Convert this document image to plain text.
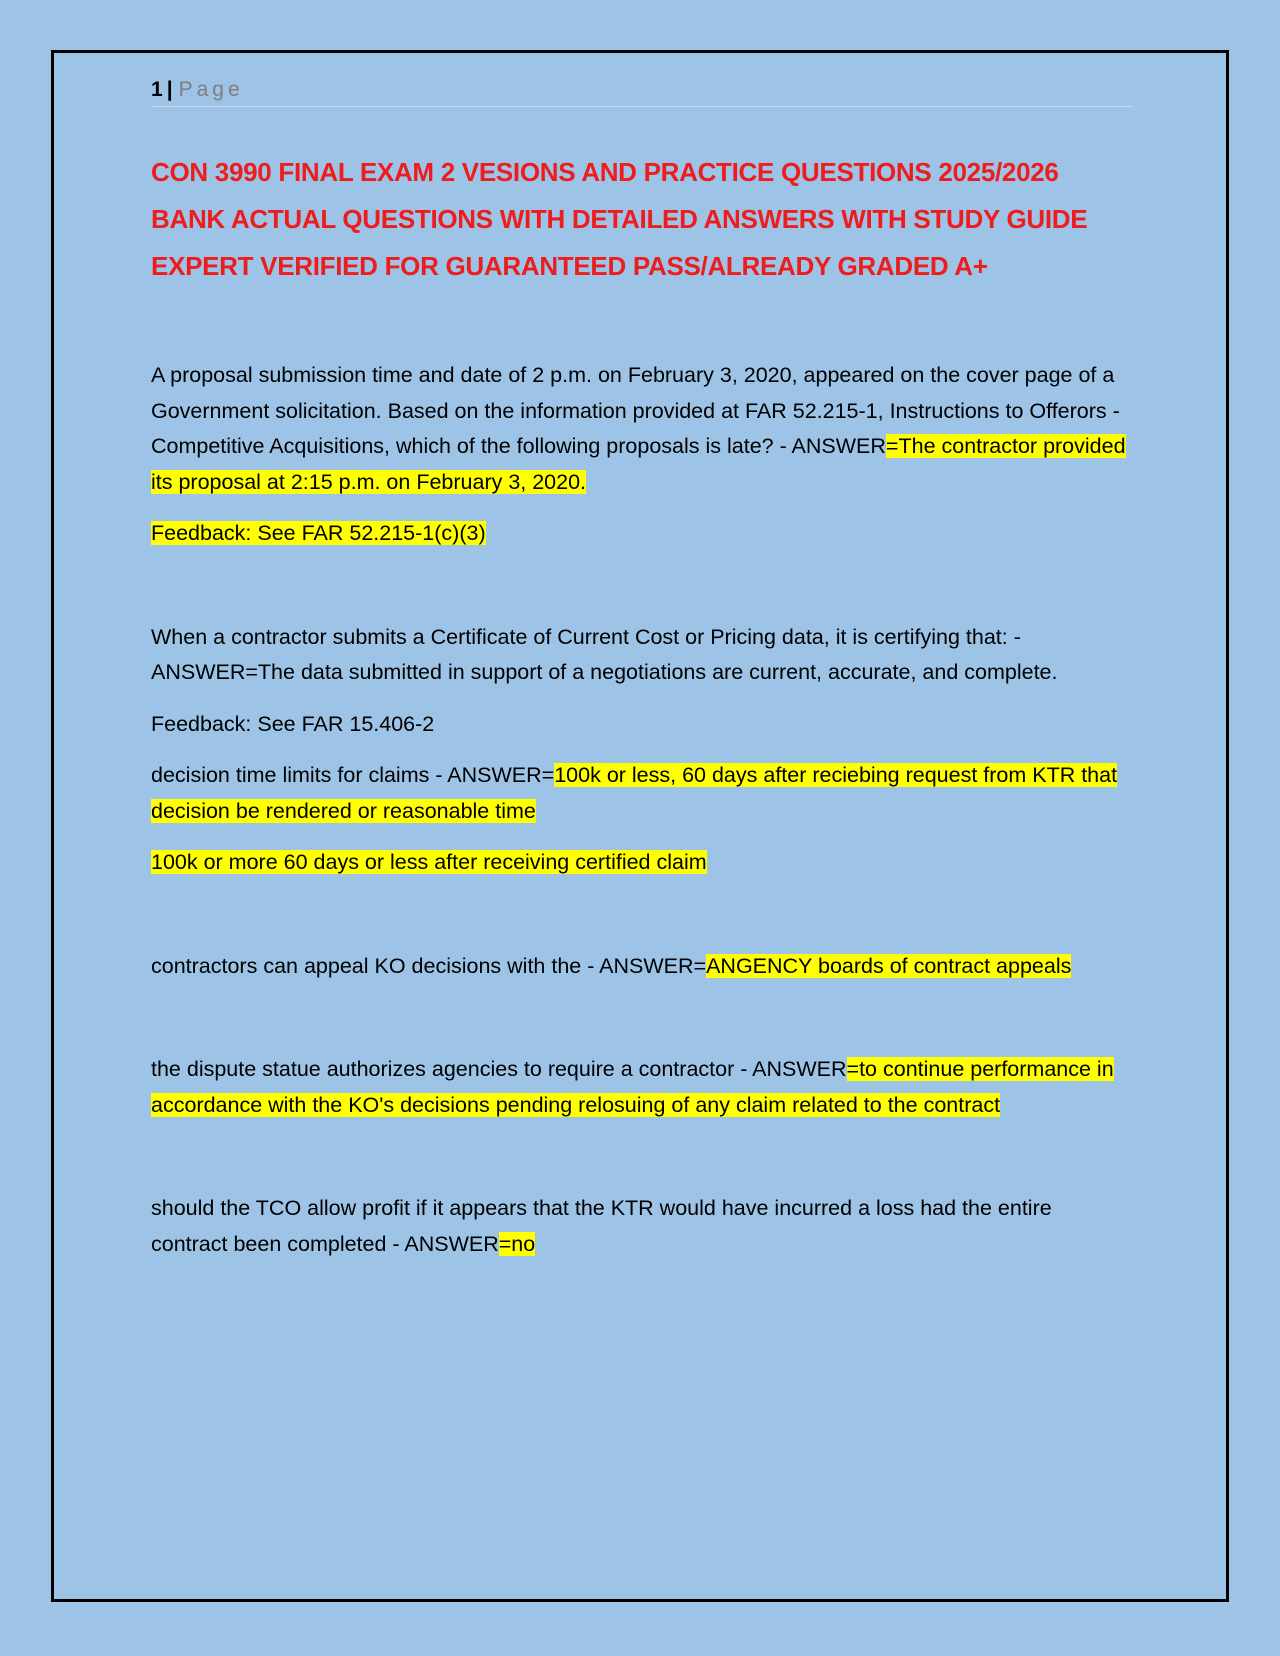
1 | Page
CON 3990 FINAL EXAM 2 VESIONS AND PRACTICE QUESTIONS 2025/2026 BANK ACTUAL QUESTIONS WITH DETAILED ANSWERS WITH STUDY GUIDE EXPERT VERIFIED FOR GUARANTEED PASS/ALREADY GRADED A+
A proposal submission time and date of 2 p.m. on February 3, 2020, appeared on the cover page of a Government solicitation. Based on the information provided at FAR 52.215-1, Instructions to Offerors - Competitive Acquisitions, which of the following proposals is late? - ANSWER=The contractor provided its proposal at 2:15 p.m. on February 3, 2020.
Feedback: See FAR 52.215-1(c)(3)
When a contractor submits a Certificate of Current Cost or Pricing data, it is certifying that: - ANSWER=The data submitted in support of a negotiations are current, accurate, and complete.
Feedback: See FAR 15.406-2
decision time limits for claims - ANSWER=100k or less, 60 days after reciebing request from KTR that decision be rendered or reasonable time
100k or more 60 days or less after receiving certified claim
contractors can appeal KO decisions with the - ANSWER=ANGENCY boards of contract appeals
the dispute statue authorizes agencies to require a contractor - ANSWER=to continue performance in accordance with the KO's decisions pending relosuing of any claim related to the contract
should the TCO allow profit if it appears that the KTR would have incurred a loss had the entire contract been completed - ANSWER=no
